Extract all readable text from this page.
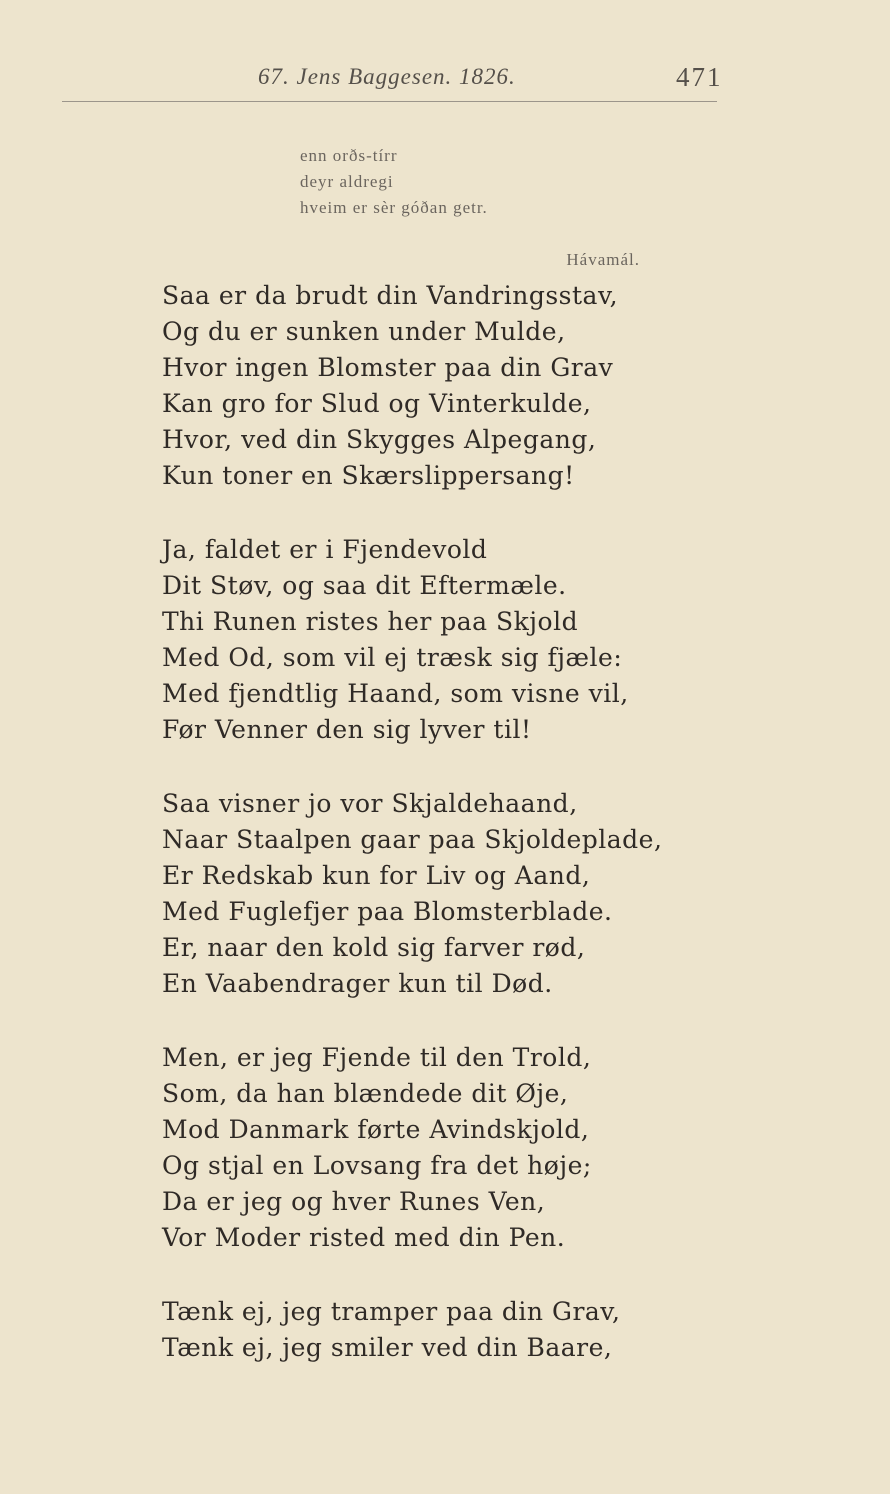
67. Jens Baggesen. 1826.	471
enn orðs-tírr
deyr aldregi
hveim er sèr góðan getr.
Hávamál.
Saa er da brudt din Vandringsstav,
Og du er sunken under Mulde,
Hvor ingen Blomster paa din Grav
Kan gro for Slud og Vinterkulde,
Hvor, ved din Skygges Alpegang,
Kun toner en Skærslippersang!
Ja, faldet er i Fjendevold
Dit Støv, og saa dit Eftermæle.
Thi Runen ristes her paa Skjold
Med Od, som vil ej træsk sig fjæle:
Med fjendtlig Haand, som visne vil,
Før Venner den sig lyver til!
Saa visner jo vor Skjaldehaand,
Naar Staalpen gaar paa Skjoldeplade,
Er Redskab kun for Liv og Aand,
Med Fuglefjer paa Blomsterblade.
Er, naar den kold sig farver rød,
En Vaabendrager kun til Død.
Men, er jeg Fjende til den Trold,
Som, da han blændede dit Øje,
Mod Danmark førte Avindskjold,
Og stjal en Lovsang fra det høje;
Da er jeg og hver Runes Ven,
Vor Moder risted med din Pen.
Tænk ej, jeg tramper paa din Grav,
Tænk ej, jeg smiler ved din Baare,
